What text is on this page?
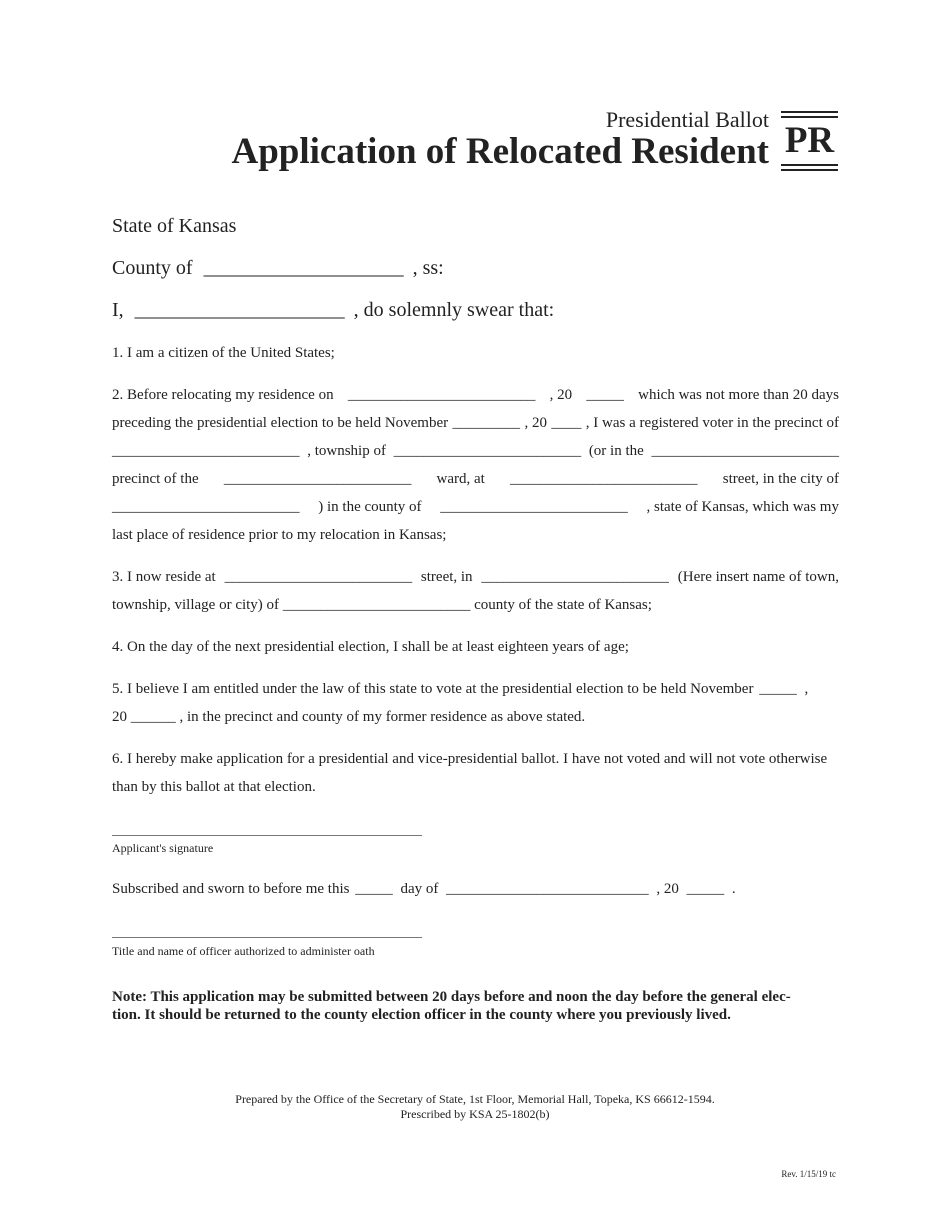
Presidential Ballot
Application of Relocated Resident PR
State of Kansas
County of ____________________ , ss:
I, _____________________ , do solemnly swear that:
1. I am a citizen of the United States;
2. Before relocating my residence on _________________________ , 20 _____ which was not more than 20 days
preceding the presidential election to be held November _________ , 20 ____ , I was a registered voter in the precinct of
_________________________ , township of _________________________ (or in the _________________________
precinct of the _________________________ ward, at _________________________ street, in the city of
_________________________ ) in the county of _________________________ , state of Kansas, which was my
last place of residence prior to my relocation in Kansas;
3. I now reside at _________________________ street, in _________________________ (Here insert name of town,
township, village or city) of _________________________ county of the state of Kansas;
4. On the day of the next presidential election, I shall be at least eighteen years of age;
5. I believe I am entitled under the law of this state to vote at the presidential election to be held November _____ ,
20 ______ , in the precinct and county of my former residence as above stated.
6. I hereby make application for a presidential and vice-presidential ballot. I have not voted and will not vote otherwise
than by this ballot at that election.
Applicant's signature
Subscribed and sworn to before me this _____ day of ___________________________ , 20 _____ .
Title and name of officer authorized to administer oath
Note: This application may be submitted between 20 days before and noon the day before the general elec-
tion. It should be returned to the county election officer in the county where you previously lived.
Prepared by the Office of the Secretary of State, 1st Floor, Memorial Hall, Topeka, KS 66612-1594.
Prescribed by KSA 25-1802(b)
Rev. 1/15/19 tc
